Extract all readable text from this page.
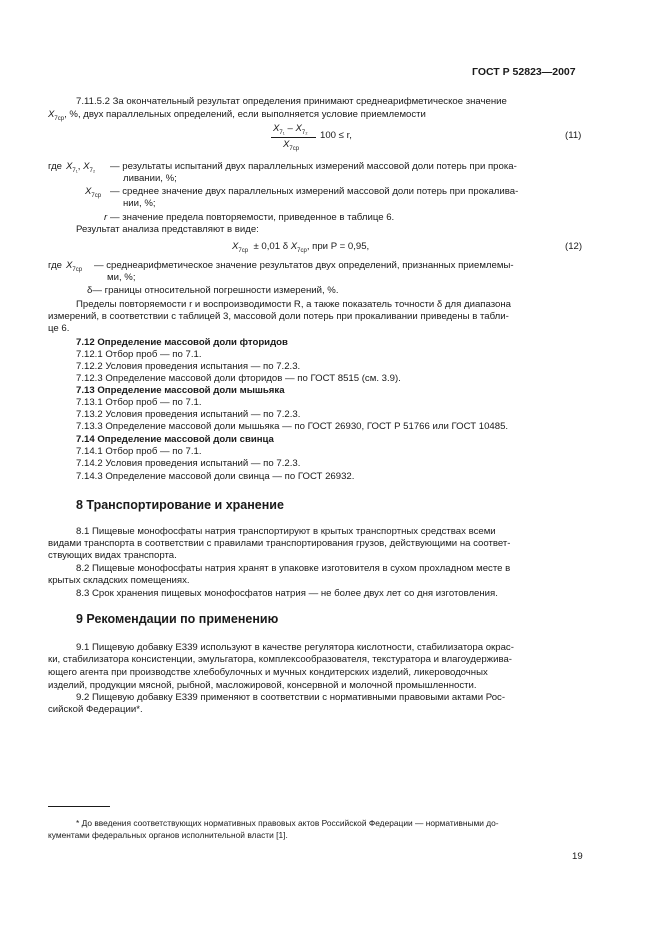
ГОСТ Р 52823—2007
7.11.5.2 За окончательный результат определения принимают среднеарифметическое значение
$X_{7ср}$, %, двух параллельных определений, если выполняется условие приемлемости
$X_{7_1} - X_{7_2}$
$X_{7ср}$
100 ≤ r,	(11)
где $X_{7_1}$, $X_{7_2}$ — результаты испытаний двух параллельных измерений массовой доли потерь при прока-
ливании, %;
$X_{7ср}$ — среднее значение двух параллельных измерений массовой доли потерь при прокалива-
нии, %;
r — значение предела повторяемости, приведенное в таблице 6.
Результат анализа представляют в виде:
$X_{7ср} \pm 0,01$ δ $X_{7ср}$, при P = 0,95,	(12)
где $X_{7ср}$ — среднеарифметическое значение результатов двух определений, признанных приемлемы-
ми, %;
δ— границы относительной погрешности измерений, %.
Пределы повторяемости r и воспроизводимости R, а также показатель точности δ для диапазона
измерений, в соответствии с таблицей 3, массовой доли потерь при прокаливании приведены в табли-
це 6.
7.12 Определение массовой доли фторидов
7.12.1 Отбор проб — по 7.1.
7.12.2 Условия проведения испытания — по 7.2.3.
7.12.3 Определение массовой доли фторидов — по ГОСТ 8515 (см. 3.9).
7.13 Определение массовой доли мышьяка
7.13.1 Отбор проб — по 7.1.
7.13.2 Условия проведения испытаний — по 7.2.3.
7.13.3 Определение массовой доли мышьяка — по ГОСТ 26930, ГОСТ Р 51766 или ГОСТ 10485.
7.14 Определение массовой доли свинца
7.14.1 Отбор проб — по 7.1.
7.14.2 Условия проведения испытаний — по 7.2.3.
7.14.3 Определение массовой доли свинца — по ГОСТ 26932.
8 Транспортирование и хранение
8.1 Пищевые монофосфаты натрия транспортируют в крытых транспортных средствах всеми
видами транспорта в соответствии с правилами транспортирования грузов, действующими на соответ-
ствующих видах транспорта.
8.2 Пищевые монофосфаты натрия хранят в упаковке изготовителя в сухом прохладном месте в
крытых складских помещениях.
8.3 Срок хранения пищевых монофосфатов натрия — не более двух лет со дня изготовления.
9 Рекомендации по применению
9.1 Пищевую добавку Е339 используют в качестве регулятора кислотности, стабилизатора окрас-
ки, стабилизатора консистенции, эмульгатора, комплексообразователя, текстуратора и влагоудержива-
ющего агента при производстве хлебобулочных и мучных кондитерских изделий, ликероводочных
изделий, продукции мясной, рыбной, масложировой, консервной и молочной промышленности.
9.2 Пищевую добавку Е339 применяют в соответствии с нормативными правовыми актами Рос-
сийской Федерации*.
* До введения соответствующих нормативных правовых актов Российской Федерации — нормативными до-
кументами федеральных органов исполнительной власти [1].
19
